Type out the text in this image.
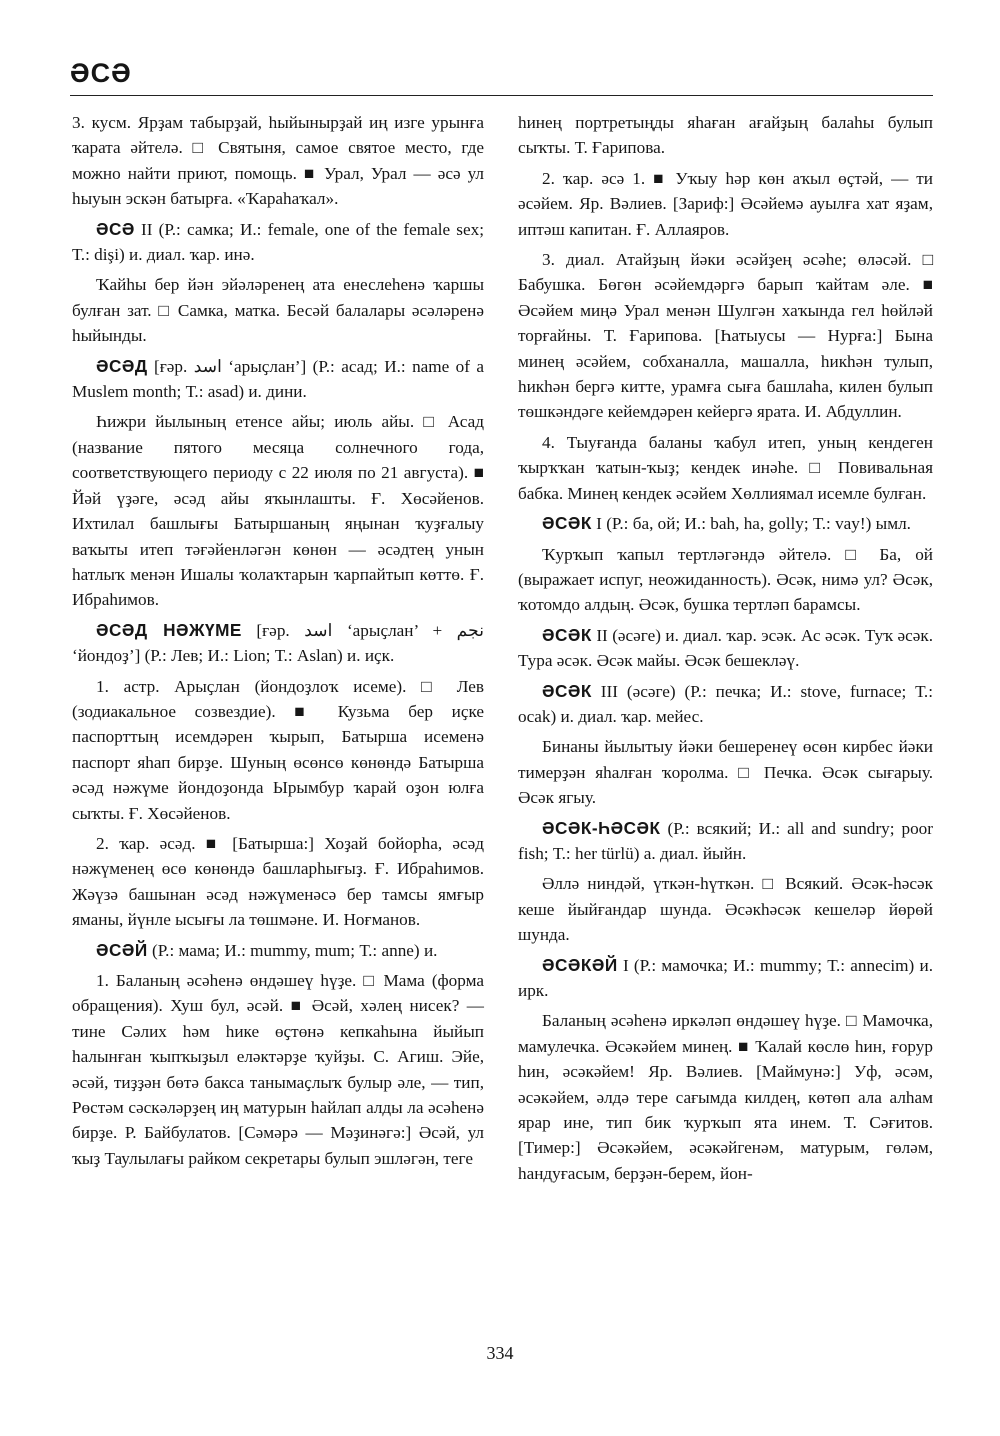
ӘСӘ

3. кусм. Ярҙам табырҙай, һыйынырҙай иң изге урынға ҡарата әйтелә. □ Святыня, самое святое место, где можно найти приют, помощь. ■ Урал, Урал — әсә ул һыуын эскән батырға. «Ҡараһаҡал».

ӘСӘ II (Р.: самка; И.: female, one of the female sex; Т.: dişi) и. диал. ҡар. инә.

Ҡайһы бер йән эйәләренең ата енеслеһенә ҡаршы булған зат. □ Самка, матка. Бесәй балалары әсәләренә һыйынды.

ӘСӘД [ғәр. اسد ‘арыҫлан’] (Р.: асад; И.: name of a Muslem month; Т.: asad) и. дини.

Һижри йылының етенсе айы; июль айы. □ Асад (название пятого месяца солнечного года, соответствующего периоду с 22 июля по 21 августа). ■ Йәй үҙәге, әсәд айы яҡынлашты. Ғ. Хөсәйенов. Ихтилал башлығы Батыршаның яңынан ҡуҙғалыу ваҡыты итеп тәғәйенләгән көнөн — әсәдтең унын һатлыҡ менән Ишалы ҡолаҡтарын ҡарпайтып көттө. Ғ. Ибраһимов.

ӘСӘД НӘЖҮМЕ [ғәр. اسد ‘арыҫлан’ + نجم ‘йондоҙ’] (Р.: Лев; И.: Lion; Т.: Aslan) и. иҫк.

1. астр. Арыҫлан (йондоҙлоҡ исеме). □ Лев (зодиакальное созвездие). ■ Кузьма бер иҫке паспорттың исемдәрен ҡырып, Батырша исеменә паспорт яһап бирҙе. Шуның өсөнсө көнөндә Батырша әсәд нәжүме йондоҙонда Ырымбур ҡарай оҙон юлға сыҡты. Ғ. Хөсәйенов.

2. ҡар. әсәд. ■ [Батырша:] Хоҙай бойорһа, әсәд нәжүменең өсө көнөндә башларһығыҙ. Ғ. Ибраһимов. Жәүзә башынан әсәд нәжүменәсә бер тамсы ямғыр яманы, йүнле ысығы ла төшмәне. И. Ноғманов.

ӘСӘЙ (Р.: мама; И.: mummy, mum; Т.: anne) и.

1. Баланың әсәһенә өндәшеү һүҙе. □ Мама (форма обращения). Хуш бул, әсәй. ■ Әсәй, хәлең нисек? — тине Сәлих һәм һике өҫтөнә кепкаһына йыйып һалынған ҡыпҡыҙыл еләктәрҙе ҡуйҙы. С. Агиш. Эйе, әсәй, тиҙҙән бөтә бакса танымаҫлыҡ булыр әле, — тип, Рөстәм сәскәләрҙең иң матурын һайлап алды ла әсәһенә бирҙе. Р. Байбулатов. [Сәмәрә — Мәҙинәгә:] Әсәй, ул ҡыҙ Таулылағы райком секретары булып эшләгән, теге

һинең портретыңды яһаған ағайҙың балаһы булып сыҡты. Т. Ғарипова.

2. ҡар. әсә 1. ■ Уҡыу һәр көн аҡыл өҫтәй, — ти әсәйем. Яр. Вәлиев. [Зариф:] Әсәйемә ауылға хат яҙам, иптәш капитан. Ғ. Аллаяров.

3. диал. Атайҙың йәки әсәйҙең әсәһе; өләсәй. □ Бабушка. Бөгөн әсәйемдәргә барып ҡайтам әле. ■ Әсәйем миңә Урал менән Шулгән хаҡында гел һөйләй торғайны. Т. Ғарипова. [Һатыусы — Нурға:] Бына минең әсәйем, собханалла, машалла, һикһән тулып, һикһән бергә китте, урамға сыға башлаһа, килен булып төшкәндәге кейемдәрен кейергә ярата. И. Абдуллин.

4. Тыуғанда баланы ҡабул итеп, уның кендеген ҡырҡҡан ҡатын-ҡыҙ; кендек инәһе. □ Повивальная бабка. Минең кендек әсәйем Хөллиямал исемле булған.

ӘСӘК I (Р.: ба, ой; И.: bah, ha, golly; Т.: vay!) ымл.

Ҡурҡып ҡапыл тертләгәндә әйтелә. □ Ба, ой (выражает испуг, неожиданность). Әсәк, нимә ул? Әсәк, ҡотомдо алдың. Әсәк, бушка тертләп барамсы.

ӘСӘК II (әсәге) и. диал. ҡар. эсәк. Ас әсәк. Туҡ әсәк. Тура әсәк. Әсәк майы. Әсәк бешекләү.

ӘСӘК III (әсәге) (Р.: печка; И.: stove, furnace; Т.: ocak) и. диал. ҡар. мейес.

Бинаны йылытыу йәки бешеренеү өсөн кирбес йәки тимерҙән яһалған ҡоролма. □ Печка. Әсәк сығарыу. Әсәк ягыу.

ӘСӘК-ҺӘСӘК (Р.: всякий; И.: all and sundry; poor fish; Т.: her türlü) а. диал. йыйн.

Әллә ниндәй, үткән-һүткән. □ Всякий. Әсәк-һәсәк кеше йыйғандар шунда. Әсәкһәсәк кешеләр йөрөй шунда.

ӘСӘКӘЙ I (Р.: мамочка; И.: mummy; Т.: annecim) и. ирк.

Баланың әсәһенә иркәләп өндәшеү һүҙе. □ Мамочка, мамулечка. Әсәкәйем минең. ■ Ҡалай көслө һин, ғорур һин, әсәкәйем! Яр. Вәлиев. [Маймунә:] Уф, әсәм, әсәкәйем, әлдә тере сағымда килдең, көтөп ала алһам ярар ине, тип бик ҡурҡып ята инем. Т. Сәғитов. [Тимер:] Әсәкәйем, әсәкәйгенәм, матурым, гөләм, һандуғасым, берҙән-берем, йон-

334
